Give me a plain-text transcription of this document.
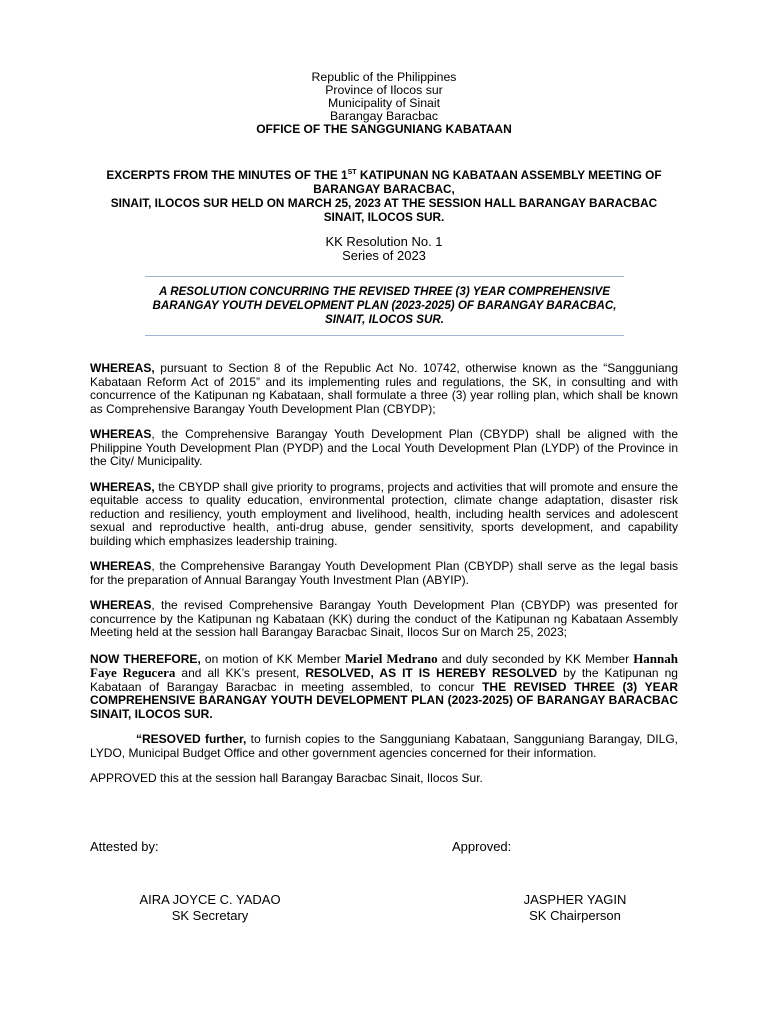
Republic of the Philippines
Province of Ilocos sur
Municipality of Sinait
Barangay Baracbac
OFFICE OF THE SANGGUNIANG KABATAAN
EXCERPTS FROM THE MINUTES OF THE 1ST KATIPUNAN NG KABATAAN ASSEMBLY MEETING OF BARANGAY BARACBAC,
SINAIT, ILOCOS SUR HELD ON MARCH 25, 2023 AT THE SESSION HALL BARANGAY BARACBAC SINAIT, ILOCOS SUR.
KK Resolution No. 1
Series of 2023
A RESOLUTION CONCURRING THE REVISED THREE (3) YEAR COMPREHENSIVE BARANGAY YOUTH DEVELOPMENT PLAN (2023-2025) OF BARANGAY BARACBAC, SINAIT, ILOCOS SUR.

WHEREAS, pursuant to Section 8 of the Republic Act No. 10742, otherwise known as the “Sangguniang Kabataan Reform Act of 2015” and its implementing rules and regulations, the SK, in consulting and with concurrence of the Katipunan ng Kabataan, shall formulate a three (3) year rolling plan, which shall be known as Comprehensive Barangay Youth Development Plan (CBYDP);

WHEREAS, the Comprehensive Barangay Youth Development Plan (CBYDP) shall be aligned with the Philippine Youth Development Plan (PYDP) and the Local Youth Development Plan (LYDP) of the Province in the City/ Municipality.

WHEREAS, the CBYDP shall give priority to programs, projects and activities that will promote and ensure the equitable access to quality education, environmental protection, climate change adaptation, disaster risk reduction and resiliency, youth employment and livelihood, health, including health services and adolescent sexual and reproductive health, anti-drug abuse, gender sensitivity, sports development, and capability building which emphasizes leadership training.

WHEREAS, the Comprehensive Barangay Youth Development Plan (CBYDP) shall serve as the legal basis for the preparation of Annual Barangay Youth Investment Plan (ABYIP).

WHEREAS, the revised Comprehensive Barangay Youth Development Plan (CBYDP) was presented for concurrence by the Katipunan ng Kabataan (KK) during the conduct of the Katipunan ng Kabataan Assembly Meeting held at the session hall Barangay Baracbac Sinait, Ilocos Sur on March 25, 2023;

NOW THEREFORE, on motion of KK Member Mariel Medrano and duly seconded by KK Member Hannah Faye Regucera and all KK’s present, RESOLVED, AS IT IS HEREBY RESOLVED by the Katipunan ng Kabataan of Barangay Baracbac in meeting assembled, to concur THE REVISED THREE (3) YEAR COMPREHENSIVE BARANGAY YOUTH DEVELOPMENT PLAN (2023-2025) OF BARANGAY BARACBAC SINAIT, ILOCOS SUR.

“RESOVED further, to furnish copies to the Sangguniang Kabataan, Sangguniang Barangay, DILG, LYDO, Municipal Budget Office and other government agencies concerned for their information.

APPROVED this at the session hall Barangay Baracbac Sinait, Ilocos Sur.

Attested by:	Approved:
AIRA JOYCE C. YADAO
SK Secretary
JASPHER YAGIN
SK Chairperson
